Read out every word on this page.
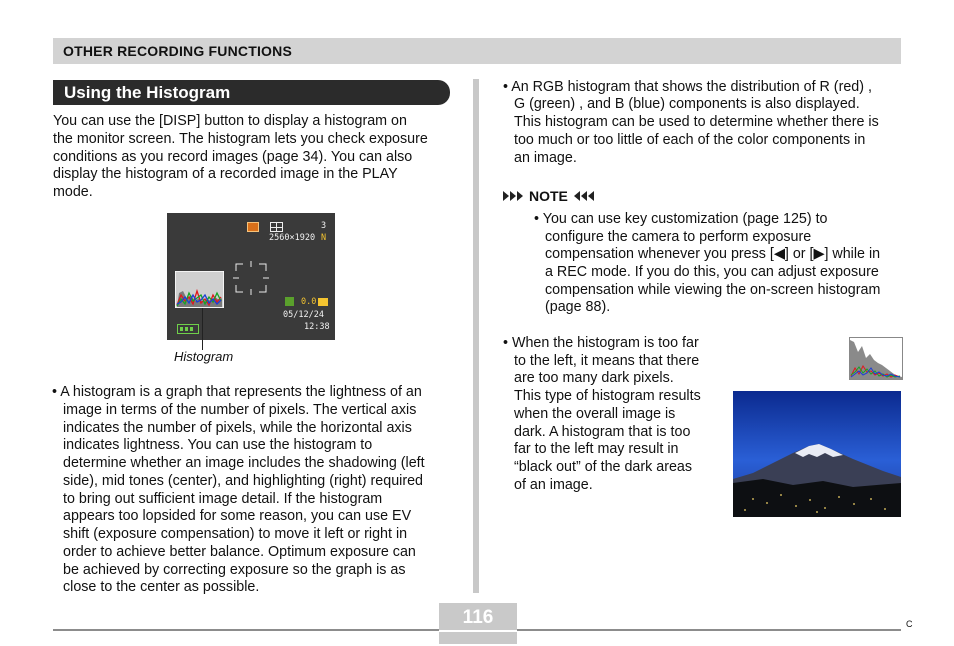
OTHER RECORDING FUNCTIONS
Using the Histogram
You can use the [DISP] button to display a histogram on
the monitor screen. The histogram lets you check exposure
conditions as you record images (page 34). You can also
display the histogram of a recorded image in the PLAY
mode.
3
2560×1920 N
0.0
05/12/24
12:38
Histogram
• A histogram is a graph that represents the lightness of an
image in terms of the number of pixels. The vertical axis
indicates the number of pixels, while the horizontal axis
indicates lightness. You can use the histogram to
determine whether an image includes the shadowing (left
side), mid tones (center), and highlighting (right) required
to bring out sufficient image detail. If the histogram
appears too lopsided for some reason, you can use EV
shift (exposure compensation) to move it left or right in
order to achieve better balance. Optimum exposure can
be achieved by correcting exposure so the graph is as
close to the center as possible.
• An RGB histogram that shows the distribution of R (red) ,
G (green) , and B (blue) components is also displayed.
This histogram can be used to determine whether there is
too much or too little of each of the color components in
an image.
NOTE
• You can use key customization (page 125) to
configure the camera to perform exposure
compensation whenever you press [◀] or [▶] while in
a REC mode. If you do this, you can adjust exposure
compensation while viewing the on-screen histogram
(page 88).
• When the histogram is too far
to the left, it means that there
are too many dark pixels.
This type of histogram results
when the overall image is
dark. A histogram that is too
far to the left may result in
“black out” of the dark areas
of an image.
116	C
